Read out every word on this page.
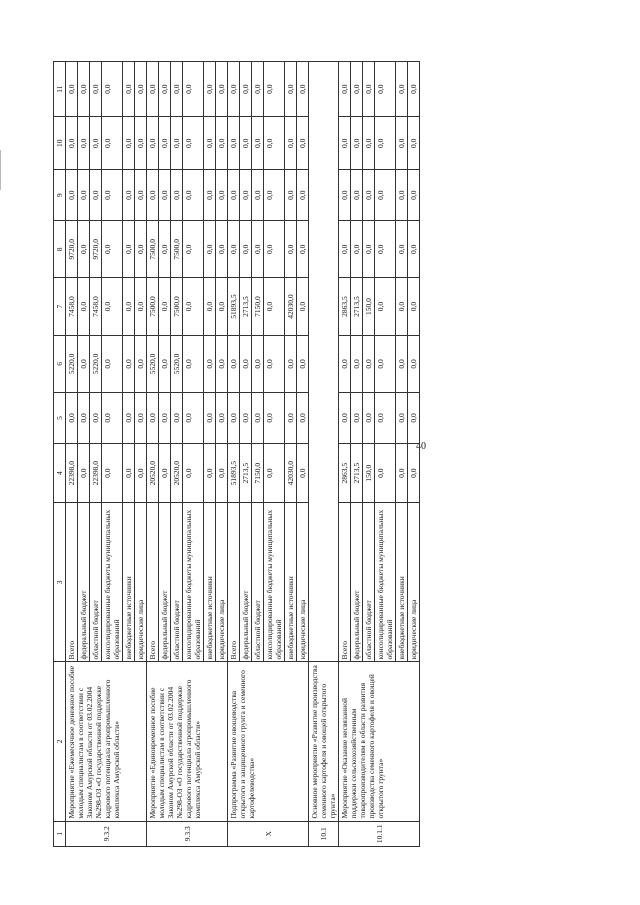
40
1	2	3	4	5	6	7	8	9	10	11
9.3.2	Мероприятие «Ежемесячное денежное пособие молодым специалистам в соответствии с Законом Амурской области от 03.02.2004 №298-ОЗ «О государственной поддержке кадрового потенциала агропромышленного комплекса Амурской области»	Всего	22398,0	0,0	5220,0	7458,0	9720,0	0,0	0,0	0,0
		федеральный бюджет	0,0	0,0	0,0	0,0	0,0	0,0	0,0	0,0
		областной бюджет	22398,0	0,0	5220,0	7458,0	9720,0	0,0	0,0	0,0
		консолидированные бюджеты муниципальных образований	0,0	0,0	0,0	0,0	0,0	0,0	0,0	0,0
		внебюджетные источники	0,0	0,0	0,0	0,0	0,0	0,0	0,0	0,0
		юридические лица	0,0	0,0	0,0	0,0	0,0	0,0	0,0	0,0
9.3.3	Мероприятие «Единовременное пособие молодым специалистам в соответствии с Законом Амурской области от 03.02.2004 №298-ОЗ «О государственной поддержке кадрового потенциала агропромышленного комплекса Амурской области»	Всего	20520,0	0,0	5520,0	7500,0	7500,0	0,0	0,0	0,0
		федеральный бюджет	0,0	0,0	0,0	0,0	0,0	0,0	0,0	0,0
		областной бюджет	20520,0	0,0	5520,0	7500,0	7500,0	0,0	0,0	0,0
		консолидированные бюджеты муниципальных образований	0,0	0,0	0,0	0,0	0,0	0,0	0,0	0,0
		внебюджетные источники	0,0	0,0	0,0	0,0	0,0	0,0	0,0	0,0
		юридические лица	0,0	0,0	0,0	0,0	0,0	0,0	0,0	0,0
X	Подпрограмма «Развитие овощеводства открытого и защищенного грунта и семенного картофелеводства»	Всего	51893,5	0,0	0,0	51893,5	0,0	0,0	0,0	0,0
		федеральный бюджет	2713,5	0,0	0,0	2713,5	0,0	0,0	0,0	0,0
		областной бюджет	7150,0	0,0	0,0	7150,0	0,0	0,0	0,0	0,0
		консолидированные бюджеты муниципальных образований	0,0	0,0	0,0	0,0	0,0	0,0	0,0	0,0
		внебюджетные источники	42030,0	0,0	0,0	42030,0	0,0	0,0	0,0	0,0
		юридические лица	0,0	0,0	0,0	0,0	0,0	0,0	0,0	0,0
10.1	Основное мероприятие «Развитие производства семенного картофеля и овощей открытого грунта»									
10.1.1	Мероприятие «Оказание несвязанной поддержки сельскохозяйственным товаропроизводителям в области развития производства семенного картофеля и овощей открытого грунта»	Всего	2863,5	0,0	0,0	2863,5	0,0	0,0	0,0	0,0
		федеральный бюджет	2713,5	0,0	0,0	2713,5	0,0	0,0	0,0	0,0
		областной бюджет	150,0	0,0	0,0	150,0	0,0	0,0	0,0	0,0
		консолидированные бюджеты муниципальных образований	0,0	0,0	0,0	0,0	0,0	0,0	0,0	0,0
		внебюджетные источники	0,0	0,0	0,0	0,0	0,0	0,0	0,0	0,0
		юридические лица	0,0	0,0	0,0	0,0	0,0	0,0	0,0	0,0
